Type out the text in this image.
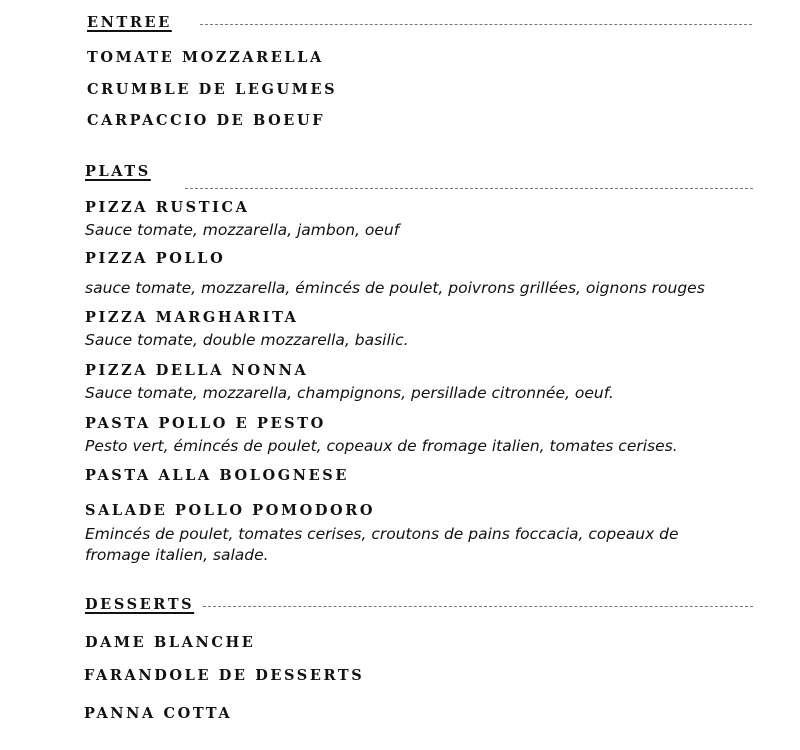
ENTREE
TOMATE MOZZARELLA
CRUMBLE DE LEGUMES
CARPACCIO DE BOEUF
PLATS
PIZZA RUSTICA
Sauce tomate, mozzarella, jambon, oeuf
PIZZA POLLO
sauce tomate, mozzarella, émincés de poulet, poivrons grillées, oignons rouges
PIZZA MARGHARITA
Sauce tomate, double mozzarella, basilic.
PIZZA DELLA NONNA
Sauce tomate, mozzarella, champignons, persillade citronnée, oeuf.
PASTA POLLO E PESTO
Pesto vert, émincés de poulet, copeaux de fromage italien, tomates cerises.
PASTA ALLA BOLOGNESE
SALADE POLLO POMODORO
Emincés de poulet, tomates cerises, croutons de pains foccacia, copeaux de fromage italien, salade.
DESSERTS
DAME BLANCHE
FARANDOLE DE DESSERTS
PANNA COTTA
